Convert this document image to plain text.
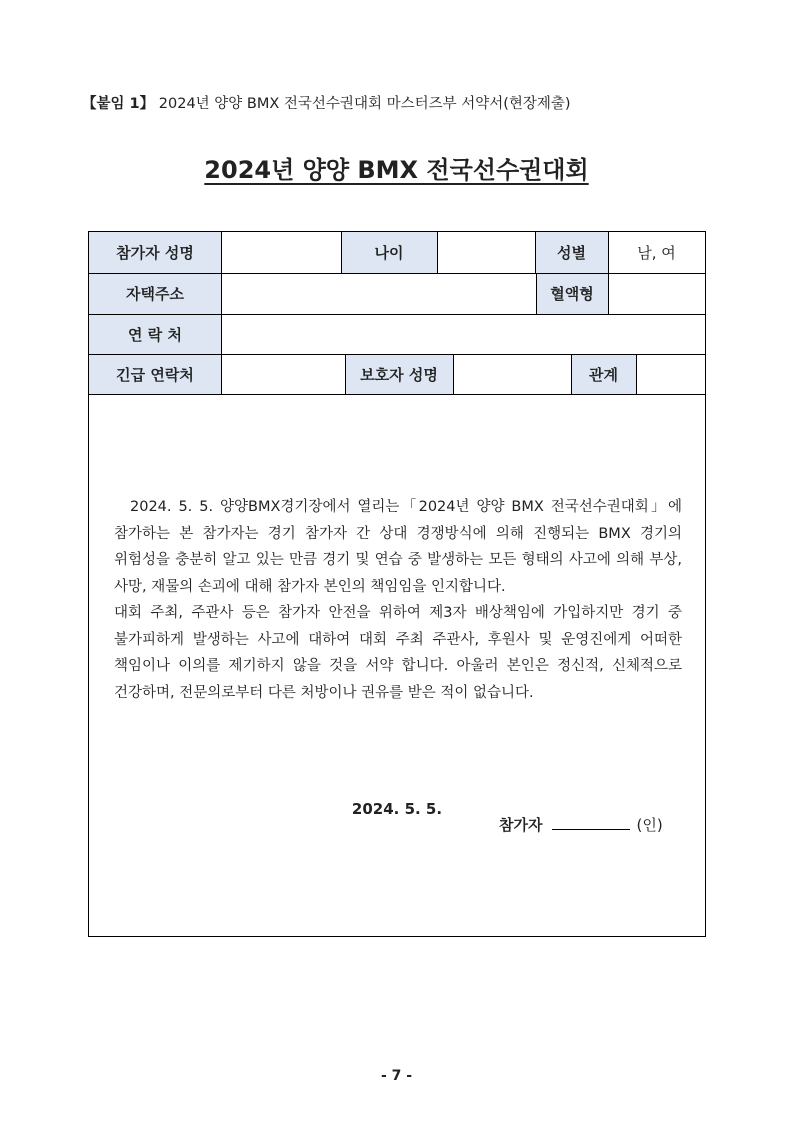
【붙임 1】 2024년 양양 BMX 전국선수권대회 마스터즈부 서약서(현장제출)
2024년 양양 BMX 전국선수권대회
참가자 성명	나이	성별	남, 여
자택주소	혈액형
연 락 처
긴급 연락처	보호자 성명	관계

2024. 5. 5. 양양BMX경기장에서 열리는「2024년 양양 BMX 전국선수권대회」에 참가하는 본 참가자는 경기 참가자 간 상대 경쟁방식에 의해 진행되는 BMX 경기의 위험성을 충분히 알고 있는 만큼 경기 및 연습 중 발생하는 모든 형태의 사고에 의해 부상, 사망, 재물의 손괴에 대해 참가자 본인의 책임임을 인지합니다.

대회 주최, 주관사 등은 참가자 안전을 위하여 제3자 배상책임에 가입하지만 경기 중 불가피하게 발생하는 사고에 대하여 대회 주최 주관사, 후원사 및 운영진에게 어떠한 책임이나 이의를 제기하지 않을 것을 서약 합니다. 아울러 본인은 정신적, 신체적으로 건강하며, 전문의로부터 다른 처방이나 권유를 받은 적이 없습니다.

2024. 5. 5.
참가자	(인)
- 7 -
